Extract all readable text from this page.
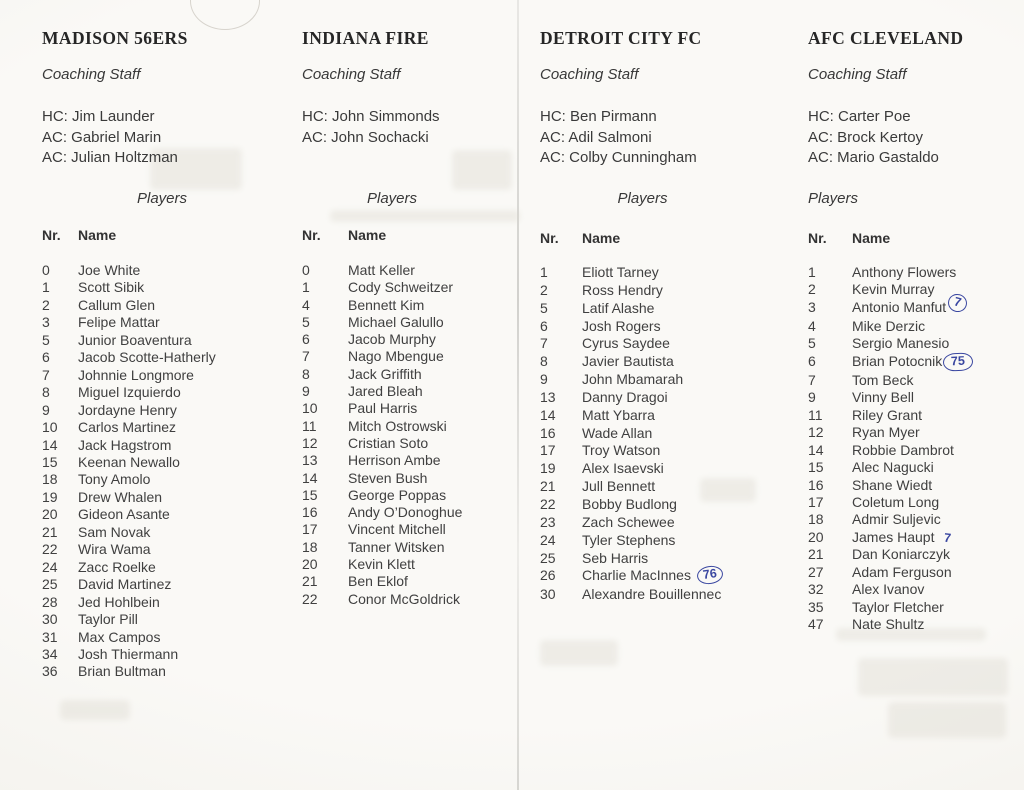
MADISON 56ERS
Coaching Staff
HC: Jim Launder
AC: Gabriel Marin
AC: Julian Holtzman
Players
Nr.	Name
0	Joe White
1	Scott Sibik
2	Callum Glen
3	Felipe Mattar
5	Junior Boaventura
6	Jacob Scotte-Hatherly
7	Johnnie Longmore
8	Miguel Izquierdo
9	Jordayne Henry
10	Carlos Martinez
14	Jack Hagstrom
15	Keenan Newallo
18	Tony Amolo
19	Drew Whalen
20	Gideon Asante
21	Sam Novak
22	Wira Wama
24	Zacc Roelke
25	David Martinez
28	Jed Hohlbein
30	Taylor Pill
31	Max Campos
34	Josh Thiermann
36	Brian Bultman
INDIANA FIRE
Coaching Staff
HC: John Simmonds
AC: John Sochacki
Players
Nr.	Name
0	Matt Keller
1	Cody Schweitzer
4	Bennett Kim
5	Michael Galullo
6	Jacob Murphy
7	Nago Mbengue
8	Jack Griffith
9	Jared Bleah
10	Paul Harris
11	Mitch Ostrowski
12	Cristian Soto
13	Herrison Ambe
14	Steven Bush
15	George Poppas
16	Andy O’Donoghue
17	Vincent Mitchell
18	Tanner Witsken
20	Kevin Klett
21	Ben Eklof
22	Conor McGoldrick
DETROIT CITY FC
Coaching Staff
HC: Ben Pirmann
AC: Adil Salmoni
AC: Colby Cunningham
Players
Nr.	Name
1	Eliott Tarney
2	Ross Hendry
5	Latif Alashe
6	Josh Rogers
7	Cyrus Saydee
8	Javier Bautista
9	John Mbamarah
13	Danny Dragoi
14	Matt Ybarra
16	Wade Allan
17	Troy Watson
19	Alex Isaevski
21	Jull Bennett
22	Bobby Budlong
23	Zach Schewee
24	Tyler Stephens
25	Seb Harris
26	Charlie MacInnes 76
30	Alexandre Bouillennec
AFC CLEVELAND
Coaching Staff
HC: Carter Poe
AC: Brock Kertoy
AC: Mario Gastaldo
Players
Nr.	Name
1	Anthony Flowers
2	Kevin Murray
3	Antonio Manfut 7
4	Mike Derzic
5	Sergio Manesio
6	Brian Potocnik 75
7	Tom Beck
9	Vinny Bell
11	Riley Grant
12	Ryan Myer
14	Robbie Dambrot
15	Alec Nagucki
16	Shane Wiedt
17	Coletum Long
18	Admir Suljevic
20	James Haupt 7
21	Dan Koniarczyk
27	Adam Ferguson
32	Alex Ivanov
35	Taylor Fletcher
47	Nate Shultz
